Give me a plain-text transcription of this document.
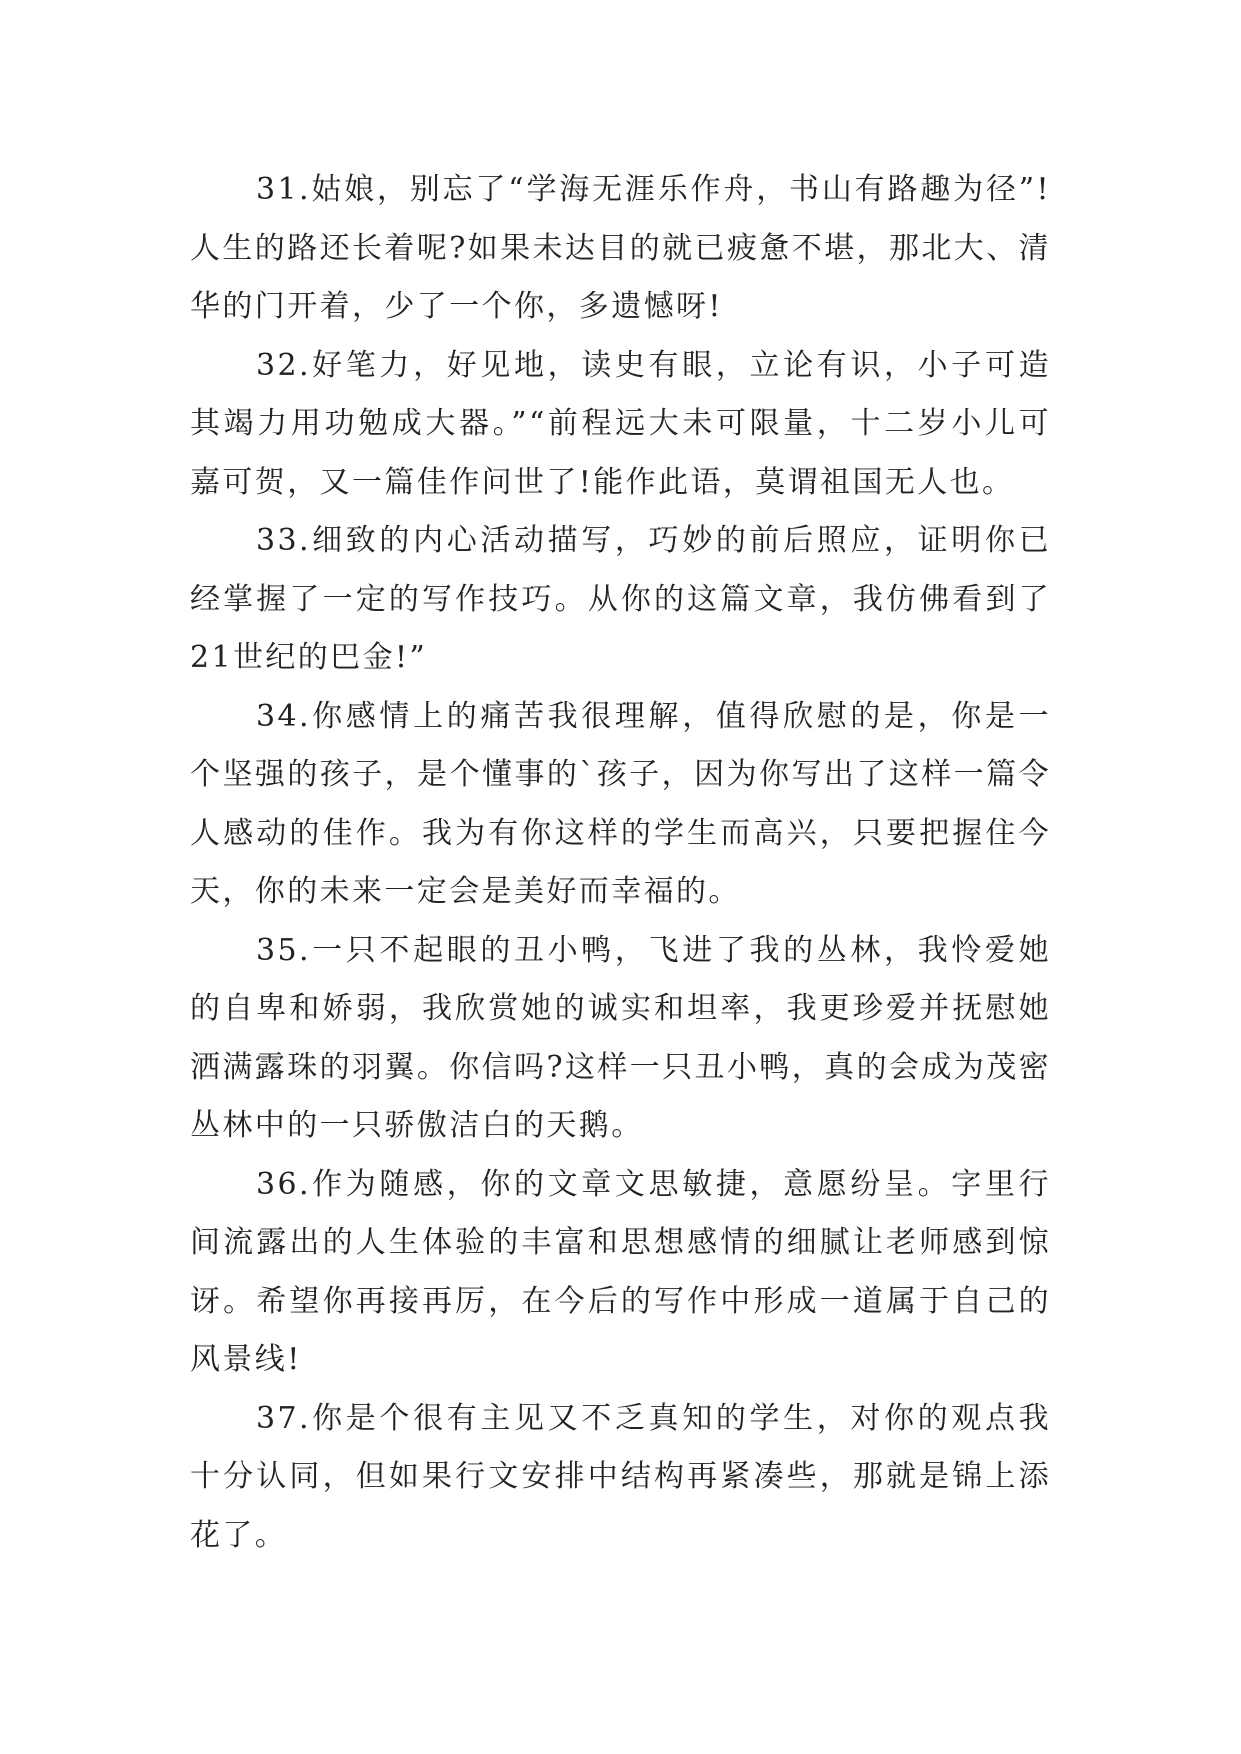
31.姑娘，别忘了“学海无涯乐作舟，书山有路趣为径”!人生的路还长着呢?如果未达目的就已疲惫不堪，那北大、清华的门开着，少了一个你，多遗憾呀!

32.好笔力，好见地，读史有眼，立论有识，小子可造其竭力用功勉成大器。”“前程远大未可限量，十二岁小儿可嘉可贺，又一篇佳作问世了!能作此语，莫谓祖国无人也。

33.细致的内心活动描写，巧妙的前后照应，证明你已经掌握了一定的写作技巧。从你的这篇文章，我仿佛看到了21世纪的巴金!”

34.你感情上的痛苦我很理解，值得欣慰的是，你是一个坚强的孩子，是个懂事的`孩子，因为你写出了这样一篇令人感动的佳作。我为有你这样的学生而高兴，只要把握住今天，你的未来一定会是美好而幸福的。

35.一只不起眼的丑小鸭，飞进了我的丛林，我怜爱她的自卑和娇弱，我欣赏她的诚实和坦率，我更珍爱并抚慰她洒满露珠的羽翼。你信吗?这样一只丑小鸭，真的会成为茂密丛林中的一只骄傲洁白的天鹅。

36.作为随感，你的文章文思敏捷，意愿纷呈。字里行间流露出的人生体验的丰富和思想感情的细腻让老师感到惊讶。希望你再接再厉，在今后的写作中形成一道属于自己的风景线!

37.你是个很有主见又不乏真知的学生，对你的观点我十分认同，但如果行文安排中结构再紧凑些，那就是锦上添花了。
